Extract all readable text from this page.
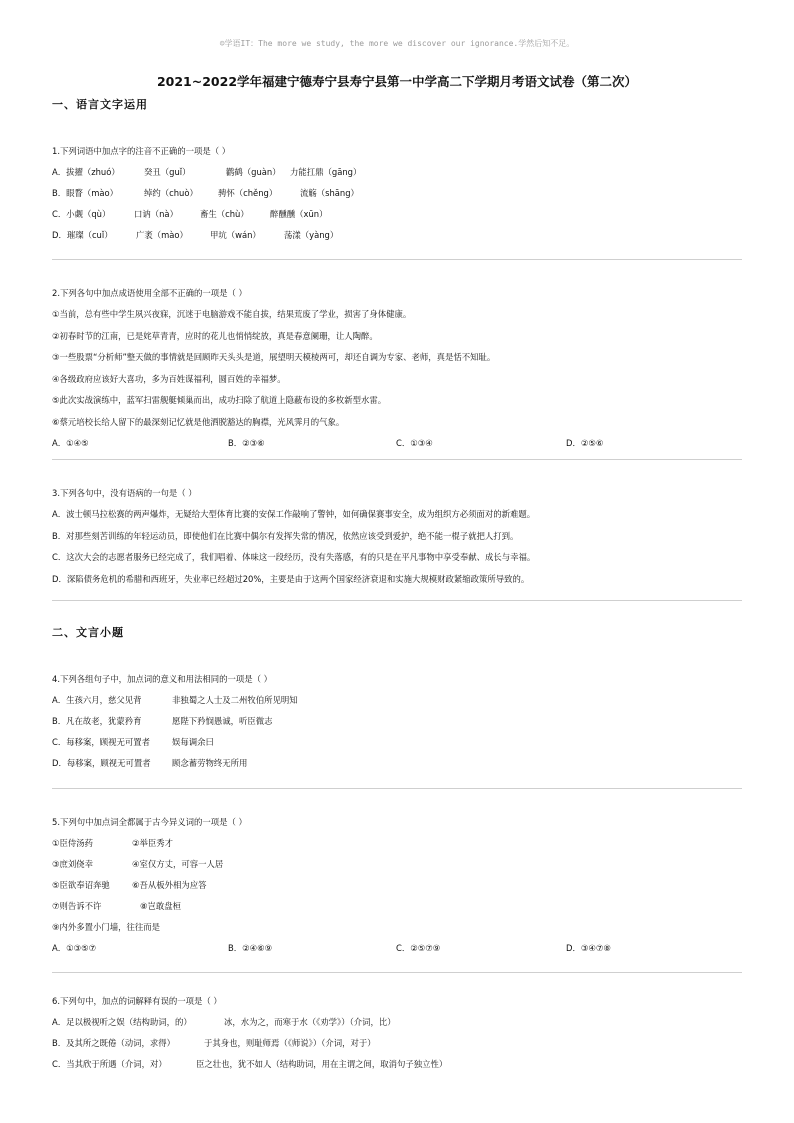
☺学语IT：The more we study, the more we discover our ignorance.学然后知不足。
2021~2022学年福建宁德寿宁县寿宁县第一中学高二下学期月考语文试卷（第二次）
一、语言文字运用
1.下列词语中加点字的注音不正确的一项是（ ）
A．拔擢（zhuó）	癸丑（guǐ）	鹳鹤（guàn） 力能扛鼎（gāng）
B．眼瞀（mào）	绰约（chuò） 骋怀（chěng）	流觞（shāng）
C．小觑（qù）	口讷（nà）	畜生（chù）	醉醺醺（xūn）
D．璀璨（cuǐ）	广袤（mào）	甲坑（wán）	荡漾（yàng）
2.下列各句中加点成语使用全部不正确的一项是（ ）
①当前，总有些中学生夙兴夜寐，沉迷于电脑游戏不能自拔，结果荒废了学业，损害了身体健康。
②初春时节的江南，已是姹草青青，应时的花儿也悄悄绽放，真是春意阑珊，让人陶醉。
③一些股票“分析师”整天做的事情就是回顾昨天头头是道，展望明天模棱两可，却还自调为专家、老师，真是恬不知耻。
④各级政府应该好大喜功，多为百姓谋福利，圆百姓的幸福梦。
⑤此次实战演练中，蓝军扫雷舰艇倾巢而出，成功扫除了航道上隐蔽布设的多枚新型水雷。
⑥蔡元培校长给人留下的最深刻记忆就是他洒脱豁达的胸襟，光风霁月的气象。
A．①④⑤	B．②③⑥	C．①③④	D．②⑤⑥
3.下列各句中，没有语病的一句是（ ）
A．波士顿马拉松赛的两声爆炸，无疑给大型体育比赛的安保工作敲响了警钟，如何确保赛事安全，成为组织方必须面对的新难题。
B．对那些刻苦训练的年轻运动员，即使他们在比赛中偶尔有发挥失常的情况，依然应该受到爱护，绝不能一棍子就把人打到。
C．这次大会的志愿者服务已经完成了，我们唱着、体味这一段经历，没有失落感，有的只是在平凡事物中享受奉献、成长与幸福。
D．深陷债务危机的希腊和西班牙，失业率已经超过20%，主要是由于这两个国家经济衰退和实施大规模财政紧缩政策所导致的。
二、文言小题
4.下列各组句子中，加点词的意义和用法相同的一项是（ ）
A．生孩六月，慈父见背	非独蜀之人士及二州牧伯所见明知
B．凡在故老，犹蒙矜育	愿陛下矜悯愚诚，听臣微志
C．每移案，顾视无可置者	娱每调余曰
D．每移案，顾视无可置者	顾念蓄劳物终无所用
5.下列句中加点词全都属于古今异义词的一项是（ ）
①臣侍汤药	②举臣秀才
③庶刘侥幸	④室仅方丈，可容一人居
⑤臣欲奉诏奔驰	⑥吾从板外相为应答
⑦则告诉不许	⑧岂敢盘桓
⑨内外多置小门墙，往往而是
A．①③⑤⑦	B．②④⑥⑨	C．②⑤⑦⑨	D．③④⑦⑧
6.下列句中，加点的词解释有误的一项是（ ）
A．足以极视听之娱（结构助词，的）	冰，水为之，而寒于水（《劝学》）（介词，比）
B．及其所之既倦（动词，求得）	于其身也，则耻师焉（《师说》）（介词，对于）
C．当其欣于所遇（介词，对）	臣之壮也，犹不如人（结构助词，用在主谓之间，取消句子独立性）
